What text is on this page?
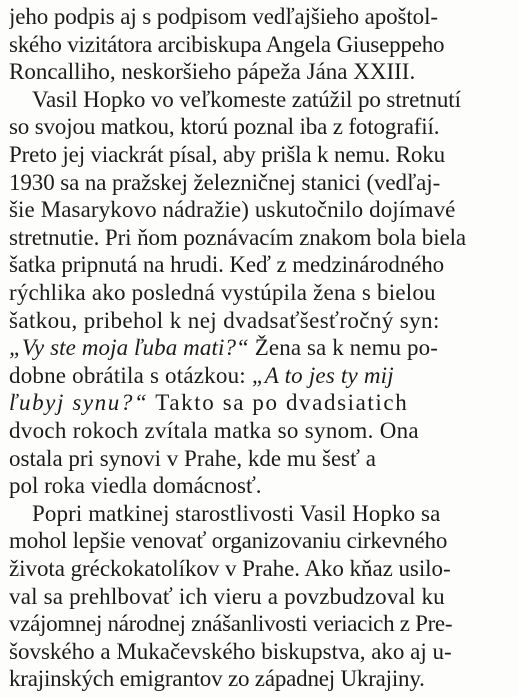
jeho podpis aj s podpisom vedľajšieho apoštol-
ského vizitátora arcibiskupa Angela Giuseppeho
Roncalliho, neskoršieho pápeža Jána XXIII.
Vasil Hopko vo veľkomeste zatúžil po stretnutí
so svojou matkou, ktorú poznal iba z fotografií.
Preto jej viackrát písal, aby prišla k nemu. Roku
1930 sa na pražskej železničnej stanici (vedľaj-
šie Masarykovo nádražie) uskutočnilo dojímavé
stretnutie. Pri ňom poznávacím znakom bola biela
šatka pripnutá na hrudi. Keď z medzinárodného
rýchlika ako posledná vystúpila žena s bielou
šatkou, pribehol k nej dvadsaťšesťročný syn:
„Vy ste moja ľuba mati?“ Žena sa k nemu po-
dobne obrátila s otázkou: „A to jes ty mij
ľubyj synu?“ Takto sa po dvadsiatich
dvoch rokoch zvítala matka so synom. Ona
ostala pri synovi v Prahe, kde mu šesť a
pol roka viedla domácnosť.
Popri matkinej starostlivosti Vasil Hopko sa
mohol lepšie venovať organizovaniu cirkevného
života gréckokatolíkov v Prahe. Ako kňaz usilo-
val sa prehlbovať ich vieru a povzbudzoval ku
vzájomnej národnej znášanlivosti veriacich z Pre-
šovského a Mukačevského biskupstva, ako aj u-
krajinských emigrantov zo západnej Ukrajiny.
